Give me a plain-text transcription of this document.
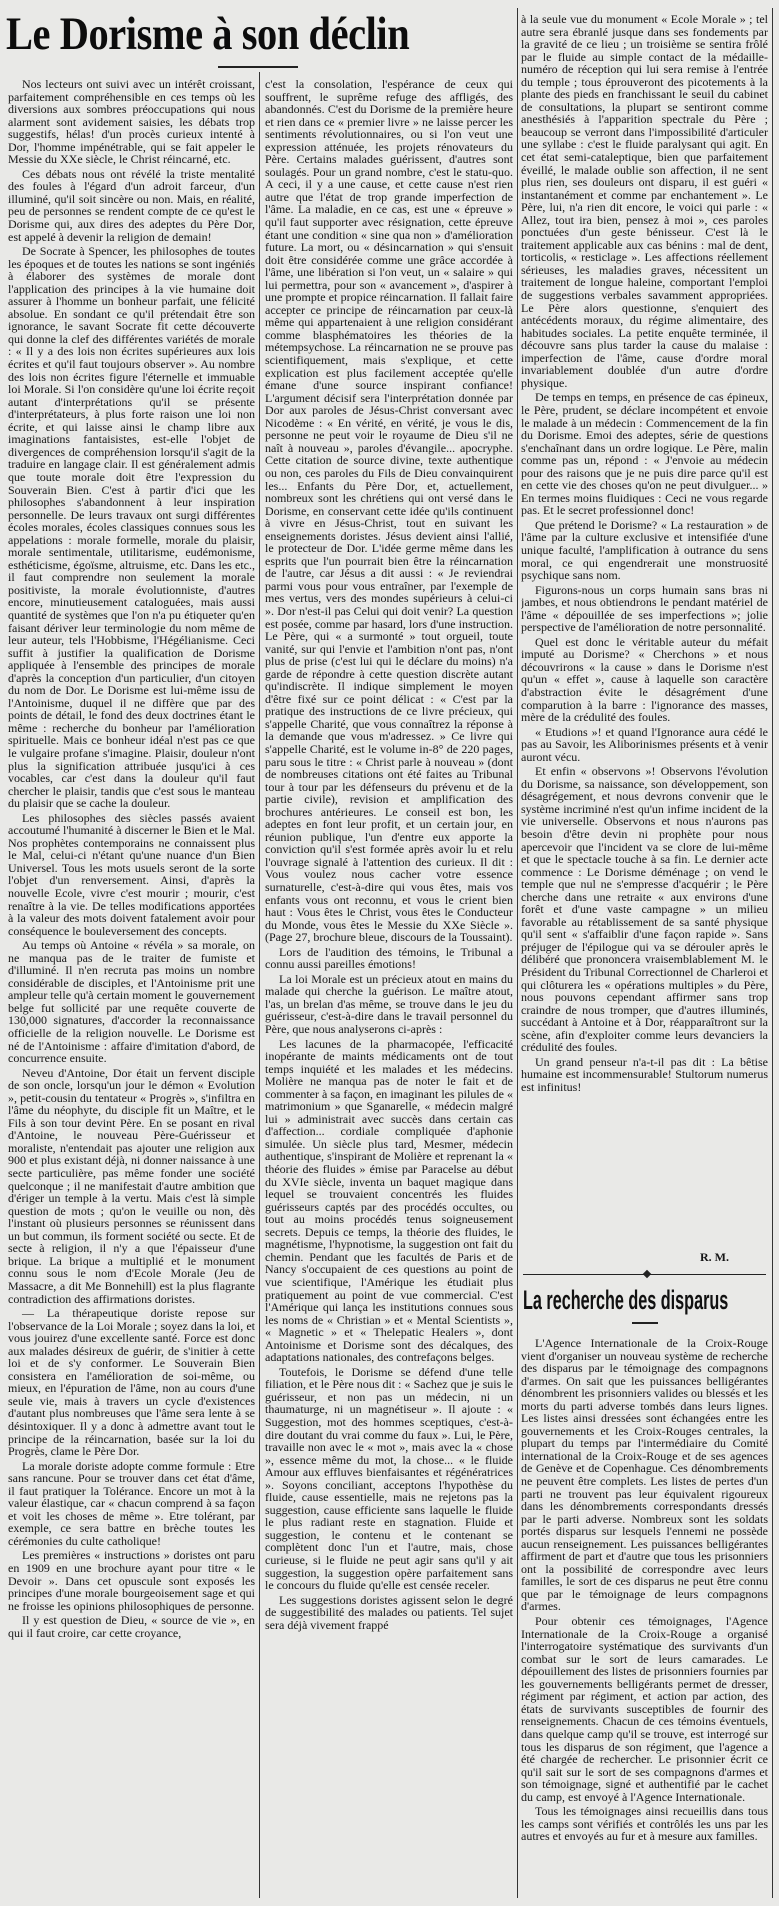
Le Dorisme à son déclin

Nos lecteurs ont suivi avec un intérêt croissant, parfaitement compréhensible en ces temps où les diversions aux sombres préoccupations qui nous alarment sont avidement saisies, les débats trop suggestifs, hélas! d'un procès curieux intenté à Dor, l'homme impénétrable, qui se fait appeler le Messie du XXe siècle, le Christ réincarné, etc.

Ces débats nous ont révélé la triste mentalité des foules à l'égard d'un adroit farceur, d'un illuminé, qu'il soit sincère ou non. Mais, en réalité, peu de personnes se rendent compte de ce qu'est le Dorisme qui, aux dires des adeptes du Père Dor, est appelé à devenir la religion de demain!

De Socrate à Spencer, les philosophes de toutes les époques et de toutes les nations se sont ingéniés à élaborer des systèmes de morale dont l'application des principes à la vie humaine doit assurer à l'homme un bonheur parfait, une félicité absolue. En sondant ce qu'il prétendait être son ignorance, le savant Socrate fit cette découverte qui donne la clef des différentes variétés de morale : « Il y a des lois non écrites supérieures aux lois écrites et qu'il faut toujours observer ». Au nombre des lois non écrites figure l'éternelle et immuable loi Morale. Si l'on considère qu'une loi écrite reçoit autant d'interprétations qu'il se présente d'interprétateurs, à plus forte raison une loi non écrite, et qui laisse ainsi le champ libre aux imaginations fantaisistes, est-elle l'objet de divergences de compréhension lorsqu'il s'agit de la traduire en langage clair. Il est généralement admis que toute morale doit être l'expression du Souverain Bien. C'est à partir d'ici que les philosophes s'abandonnent à leur inspiration personnelle. De leurs travaux ont surgi différentes écoles morales, écoles classiques connues sous les appelations : morale formelle, morale du plaisir, morale sentimentale, utilitarisme, eudémonisme, esthéticisme, égoïsme, altruisme, etc. Dans les etc., il faut comprendre non seulement la morale positiviste, la morale évolutionniste, d'autres encore, minutieusement cataloguées, mais aussi quantité de systèmes que l'on n'a pu étiqueter qu'en faisant dériver leur terminologie du nom même de leur auteur, tels l'Hobbisme, l'Hégélianisme. Ceci suffit à justifier la qualification de Dorisme appliquée à l'ensemble des principes de morale d'après la conception d'un particulier, d'un citoyen du nom de Dor. Le Dorisme est lui-même issu de l'Antoinisme, duquel il ne diffère que par des points de détail, le fond des deux doctrines étant le même : recherche du bonheur par l'amélioration spirituelle. Mais ce bonheur idéal n'est pas ce que le vulgaire profane s'imagine. Plaisir, douleur n'ont plus la signification attribuée jusqu'ici à ces vocables, car c'est dans la douleur qu'il faut chercher le plaisir, tandis que c'est sous le manteau du plaisir que se cache la douleur.

Les philosophes des siècles passés avaient accoutumé l'humanité à discerner le Bien et le Mal. Nos prophètes contemporains ne connaissent plus le Mal, celui-ci n'étant qu'une nuance d'un Bien Universel. Tous les mots usuels seront de la sorte l'objet d'un renversement. Ainsi, d'après la nouvelle Ecole, vivre c'est mourir ; mourir, c'est renaître à la vie. De telles modifications apportées à la valeur des mots doivent fatalement avoir pour conséquence le bouleversement des concepts.

Au temps où Antoine « révéla » sa morale, on ne manqua pas de le traiter de fumiste et d'illuminé. Il n'en recruta pas moins un nombre considérable de disciples, et l'Antoinisme prit une ampleur telle qu'à certain moment le gouvernement belge fut sollicité par une requête couverte de 130,000 signatures, d'accorder la reconnaissance officielle de la religion nouvelle. Le Dorisme est né de l'Antoinisme : affaire d'imitation d'abord, de concurrence ensuite.

Neveu d'Antoine, Dor était un fervent disciple de son oncle, lorsqu'un jour le démon « Evolution », petit-cousin du tentateur « Progrès », s'infiltra en l'âme du néophyte, du disciple fit un Maître, et le Fils à son tour devint Père. En se posant en rival d'Antoine, le nouveau Père-Guérisseur et moraliste, n'entendait pas ajouter une religion aux 900 et plus existant déjà, ni donner naissance à une secte particulière, pas même fonder une société quelconque ; il ne manifestait d'autre ambition que d'ériger un temple à la vertu. Mais c'est là simple question de mots ; qu'on le veuille ou non, dès l'instant où plusieurs personnes se réunissent dans un but commun, ils forment société ou secte. Et de secte à religion, il n'y a que l'épaisseur d'une brique. La brique a multiplié et le monument connu sous le nom d'Ecole Morale (Jeu de Massacre, a dit Me Bonnehill) est la plus flagrante contradiction des affirmations doristes.

— La thérapeutique doriste repose sur l'observance de la Loi Morale ; soyez dans la loi, et vous jouirez d'une excellente santé. Force est donc aux malades désireux de guérir, de s'initier à cette loi et de s'y conformer. Le Souverain Bien consistera en l'amélioration de soi-même, ou mieux, en l'épuration de l'âme, non au cours d'une seule vie, mais à travers un cycle d'existences d'autant plus nombreuses que l'âme sera lente à se désintoxiquer. Il y a donc à admettre avant tout le principe de la réincarnation, basée sur la loi du Progrès, clame le Père Dor.

La morale doriste adopte comme formule : Etre sans rancune. Pour se trouver dans cet état d'âme, il faut pratiquer la Tolérance. Encore un mot à la valeur élastique, car « chacun comprend à sa façon et voit les choses de même ». Etre tolérant, par exemple, ce sera battre en brèche toutes les cérémonies du culte catholique!

Les premières « instructions » doristes ont paru en 1909 en une brochure ayant pour titre « le Devoir ». Dans cet opuscule sont exposés les principes d'une morale bourgeoisement sage et qui ne froisse les opinions philosophiques de personne.

Il y est question de Dieu, « source de vie », en qui il faut croire, car cette croyance,

c'est la consolation, l'espérance de ceux qui souffrent, le suprême refuge des affligés, des abandonnés. C'est du Dorisme de la première heure et rien dans ce « premier livre » ne laisse percer les sentiments révolutionnaires, ou si l'on veut une expression atténuée, les projets rénovateurs du Père. Certains malades guérissent, d'autres sont soulagés. Pour un grand nombre, c'est le statu-quo. A ceci, il y a une cause, et cette cause n'est rien autre que l'état de trop grande imperfection de l'âme. La maladie, en ce cas, est une « épreuve » qu'il faut supporter avec résignation, cette épreuve étant une condition « sine qua non » d'amélioration future. La mort, ou « désincarnation » qui s'ensuit doit être considérée comme une grâce accordée à l'âme, une libération si l'on veut, un « salaire » qui lui permettra, pour son « avancement », d'aspirer à une prompte et propice réincarnation. Il fallait faire accepter ce principe de réincarnation par ceux-là même qui appartenaient à une religion considérant comme blasphématoires les théories de la métempsychose. La réincarnation ne se prouve pas scientifiquement, mais s'explique, et cette explication est plus facilement acceptée qu'elle émane d'une source inspirant confiance! L'argument décisif sera l'interprétation donnée par Dor aux paroles de Jésus-Christ conversant avec Nicodème : « En vérité, en vérité, je vous le dis, personne ne peut voir le royaume de Dieu s'il ne naît à nouveau », paroles d'évangile... apocryphe. Cette citation de source divine, texte authentique ou non, ces paroles du Fils de Dieu convainquirent les... Enfants du Père Dor, et, actuellement, nombreux sont les chrétiens qui ont versé dans le Dorisme, en conservant cette idée qu'ils continuent à vivre en Jésus-Christ, tout en suivant les enseignements doristes. Jésus devient ainsi l'allié, le protecteur de Dor. L'idée germe même dans les esprits que l'un pourrait bien être la réincarnation de l'autre, car Jésus a dit aussi : « Je reviendrai parmi vous pour vous entraîner, par l'exemple de mes vertus, vers des mondes supérieurs à celui-ci ». Dor n'est-il pas Celui qui doit venir? La question est posée, comme par hasard, lors d'une instruction. Le Père, qui « a surmonté » tout orgueil, toute vanité, sur qui l'envie et l'ambition n'ont pas, n'ont plus de prise (c'est lui qui le déclare du moins) n'a garde de répondre à cette question discrète autant qu'indiscrète. Il indique simplement le moyen d'être fixé sur ce point délicat : « C'est par la pratique des instructions de ce livre précieux, qui s'appelle Charité, que vous connaîtrez la réponse à la demande que vous m'adressez. » Ce livre qui s'appelle Charité, est le volume in-8° de 220 pages, paru sous le titre : « Christ parle à nouveau » (dont de nombreuses citations ont été faites au Tribunal tour à tour par les défenseurs du prévenu et de la partie civile), revision et amplification des brochures antérieures. Le conseil est bon, les adeptes en font leur profit, et un certain jour, en réunion publique, l'un d'entre eux apporte la conviction qu'il s'est formée après avoir lu et relu l'ouvrage signalé à l'attention des curieux. Il dit : Vous voulez nous cacher votre essence surnaturelle, c'est-à-dire qui vous êtes, mais vos enfants vous ont reconnu, et vous le crient bien haut : Vous êtes le Christ, vous êtes le Conducteur du Monde, vous êtes le Messie du XXe Siècle ». (Page 27, brochure bleue, discours de la Toussaint).

Lors de l'audition des témoins, le Tribunal a connu aussi pareilles émotions!

La loi Morale est un précieux atout en mains du malade qui cherche la guérison. Le maître atout, l'as, un brelan d'as même, se trouve dans le jeu du guérisseur, c'est-à-dire dans le travail personnel du Père, que nous analyserons ci-après :

Les lacunes de la pharmacopée, l'efficacité inopérante de maints médicaments ont de tout temps inquiété et les malades et les médecins. Molière ne manqua pas de noter le fait et de commenter à sa façon, en imaginant les pilules de « matrimonium » que Sganarelle, « médecin malgré lui » administrait avec succès dans certain cas d'affection... cordiale compliquée d'aphonie simulée. Un siècle plus tard, Mesmer, médecin authentique, s'inspirant de Molière et reprenant la « théorie des fluides » émise par Paracelse au début du XVIe siècle, inventa un baquet magique dans lequel se trouvaient concentrés les fluides guérisseurs captés par des procédés occultes, ou tout au moins procédés tenus soigneusement secrets. Depuis ce temps, la théorie des fluides, le magnétisme, l'hypnotisme, la suggestion ont fait du chemin. Pendant que les facultés de Paris et de Nancy s'occupaient de ces questions au point de vue scientifique, l'Amérique les étudiait plus pratiquement au point de vue commercial. C'est l'Amérique qui lança les institutions connues sous les noms de « Christian » et « Mental Scientists », « Magnetic » et « Thelepatic Healers », dont Antoinisme et Dorisme sont des décalques, des adaptations nationales, des contrefaçons belges.

Toutefois, le Dorisme se défend d'une telle filiation, et le Père nous dit : « Sachez que je suis le guérisseur, et non pas un médecin, ni un thaumaturge, ni un magnétiseur ». Il ajoute : « Suggestion, mot des hommes sceptiques, c'est-à-dire doutant du vrai comme du faux ». Lui, le Père, travaille non avec le « mot », mais avec la « chose », essence même du mot, la chose... « le fluide Amour aux effluves bienfaisantes et régénératrices ». Soyons conciliant, acceptons l'hypothèse du fluide, cause essentielle, mais ne rejetons pas la suggestion, cause efficiente sans laquelle le fluide le plus radiant reste en stagnation. Fluide et suggestion, le contenu et le contenant se complètent donc l'un et l'autre, mais, chose curieuse, si le fluide ne peut agir sans qu'il y ait suggestion, la suggestion opère parfaitement sans le concours du fluide qu'elle est censée receler.

Les suggestions doristes agissent selon le degré de suggestibilité des malades ou patients. Tel sujet sera déjà vivement frappé

à la seule vue du monument « Ecole Morale » ; tel autre sera ébranlé jusque dans ses fondements par la gravité de ce lieu ; un troisième se sentira frôlé par le fluide au simple contact de la médaille-numéro de réception qui lui sera remise à l'entrée du temple ; tous éprouveront des picotements à la plante des pieds en franchissant le seuil du cabinet de consultations, la plupart se sentiront comme anesthésiés à l'apparition spectrale du Père ; beaucoup se verront dans l'impossibilité d'articuler une syllabe : c'est le fluide paralysant qui agit. En cet état semi-cataleptique, bien que parfaitement éveillé, le malade oublie son affection, il ne sent plus rien, ses douleurs ont disparu, il est guéri « instantanément et comme par enchantement ». Le Père, lui, n'a rien dit encore, le voici qui parle : « Allez, tout ira bien, pensez à moi », ces paroles ponctuées d'un geste bénisseur. C'est là le traitement applicable aux cas bénins : mal de dent, torticolis, « resticlage ». Les affections réellement sérieuses, les maladies graves, nécessitent un traitement de longue haleine, comportant l'emploi de suggestions verbales savamment appropriées. Le Père alors questionne, s'enquiert des antécédents moraux, du régime alimentaire, des habitudes sociales. La petite enquête terminée, il découvre sans plus tarder la cause du malaise : imperfection de l'âme, cause d'ordre moral invariablement doublée d'un autre d'ordre physique.

De temps en temps, en présence de cas épineux, le Père, prudent, se déclare incompétent et envoie le malade à un médecin : Commencement de la fin du Dorisme. Emoi des adeptes, série de questions s'enchaînant dans un ordre logique. Le Père, malin comme pas un, répond : « J'envoie au médecin pour des raisons que je ne puis dire parce qu'il est en cette vie des choses qu'on ne peut divulguer... » En termes moins fluidiques : Ceci ne vous regarde pas. Et le secret professionnel donc!

Que prétend le Dorisme? « La restauration » de l'âme par la culture exclusive et intensifiée d'une unique faculté, l'amplification à outrance du sens moral, ce qui engendrerait une monstruosité psychique sans nom.

Figurons-nous un corps humain sans bras ni jambes, et nous obtiendrons le pendant matériel de l'âme « dépouillée de ses imperfections »; jolie perspective de l'amélioration de notre personnalité.

Quel est donc le véritable auteur du méfait imputé au Dorisme? « Cherchons » et nous découvrirons « la cause » dans le Dorisme n'est qu'un « effet », cause à laquelle son caractère d'abstraction évite le désagrément d'une comparution à la barre : l'ignorance des masses, mère de la crédulité des foules.

« Etudions »! et quand l'Ignorance aura cédé le pas au Savoir, les Aliborinismes présents et à venir auront vécu.

Et enfin « observons »! Observons l'évolution du Dorisme, sa naissance, son développement, son désagrégement, et nous devrons convenir que le système incriminé n'est qu'un infime incident de la vie universelle. Observons et nous n'aurons pas besoin d'être devin ni prophète pour nous apercevoir que l'incident va se clore de lui-même et que le spectacle touche à sa fin. Le dernier acte commence : Le Dorisme déménage ; on vend le temple que nul ne s'empresse d'acquérir ; le Père cherche dans une retraite « aux environs d'une forêt et d'une vaste campagne » un milieu favorable au rétablissement de sa santé physique qu'il sent « s'affaiblir d'une façon rapide ». Sans préjuger de l'épilogue qui va se dérouler après le délibéré que prononcera vraisemblablement M. le Président du Tribunal Correctionnel de Charleroi et qui clôturera les « opérations multiples » du Père, nous pouvons cependant affirmer sans trop craindre de nous tromper, que d'autres illuminés, succédant à Antoine et à Dor, réapparaîtront sur la scène, afin d'exploiter comme leurs devanciers la crédulité des foules.

Un grand penseur n'a-t-il pas dit : La bêtise humaine est incommensurable! Stultorum numerus est infinitus!

R. M.
La recherche des disparus

L'Agence Internationale de la Croix-Rouge vient d'organiser un nouveau système de recherche des disparus par le témoignage des compagnons d'armes. On sait que les puissances belligérantes dénombrent les prisonniers valides ou blessés et les morts du parti adverse tombés dans leurs lignes. Les listes ainsi dressées sont échangées entre les gouvernements et les Croix-Rouges centrales, la plupart du temps par l'intermédiaire du Comité international de la Croix-Rouge et de ses agences de Genève et de Copenhague. Ces dénombrements ne peuvent être complets. Les listes de pertes d'un parti ne trouvent pas leur équivalent rigoureux dans les dénombrements correspondants dressés par le parti adverse. Nombreux sont les soldats portés disparus sur lesquels l'ennemi ne possède aucun renseignement. Les puissances belligérantes affirment de part et d'autre que tous les prisonniers ont la possibilité de correspondre avec leurs familles, le sort de ces disparus ne peut être connu que par le témoignage de leurs compagnons d'armes.

Pour obtenir ces témoignages, l'Agence Internationale de la Croix-Rouge a organisé l'interrogatoire systématique des survivants d'un combat sur le sort de leurs camarades. Le dépouillement des listes de prisonniers fournies par les gouvernements belligérants permet de dresser, régiment par régiment, et action par action, des états de survivants susceptibles de fournir des renseignements. Chacun de ces témoins éventuels, dans quelque camp qu'il se trouve, est interrogé sur tous les disparus de son régiment, que l'agence a été chargée de rechercher. Le prisonnier écrit ce qu'il sait sur le sort de ses compagnons d'armes et son témoignage, signé et authentifié par le cachet du camp, est envoyé à l'Agence Internationale.

Tous les témoignages ainsi recueillis dans tous les camps sont vérifiés et contrôlés les uns par les autres et envoyés au fur et à mesure aux familles.
